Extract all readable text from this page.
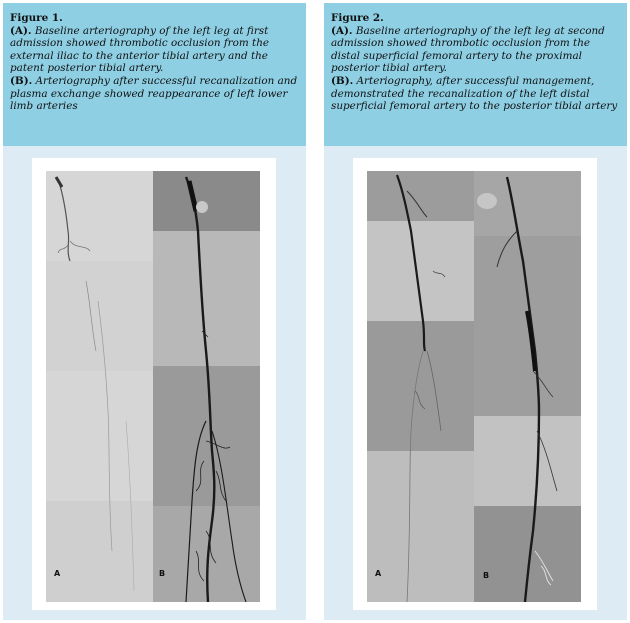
Figure 1.
(A). Baseline arteriography of the left leg at first admission showed thrombotic occlusion from the external iliac to the anterior tibial artery and the patent posterior tibial artery.
(B). Arteriography after successful recanalization and plasma exchange showed reappearance of left lower limb arteries
A	B
Figure 2.
(A). Baseline arteriography of the left leg at second admission showed thrombotic occlusion from the distal superficial femoral artery to the proximal posterior tibial artery.
(B). Arteriography, after successful management, demonstrated the recanalization of the left distal superficial femoral artery to the posterior tibial artery
A	B
